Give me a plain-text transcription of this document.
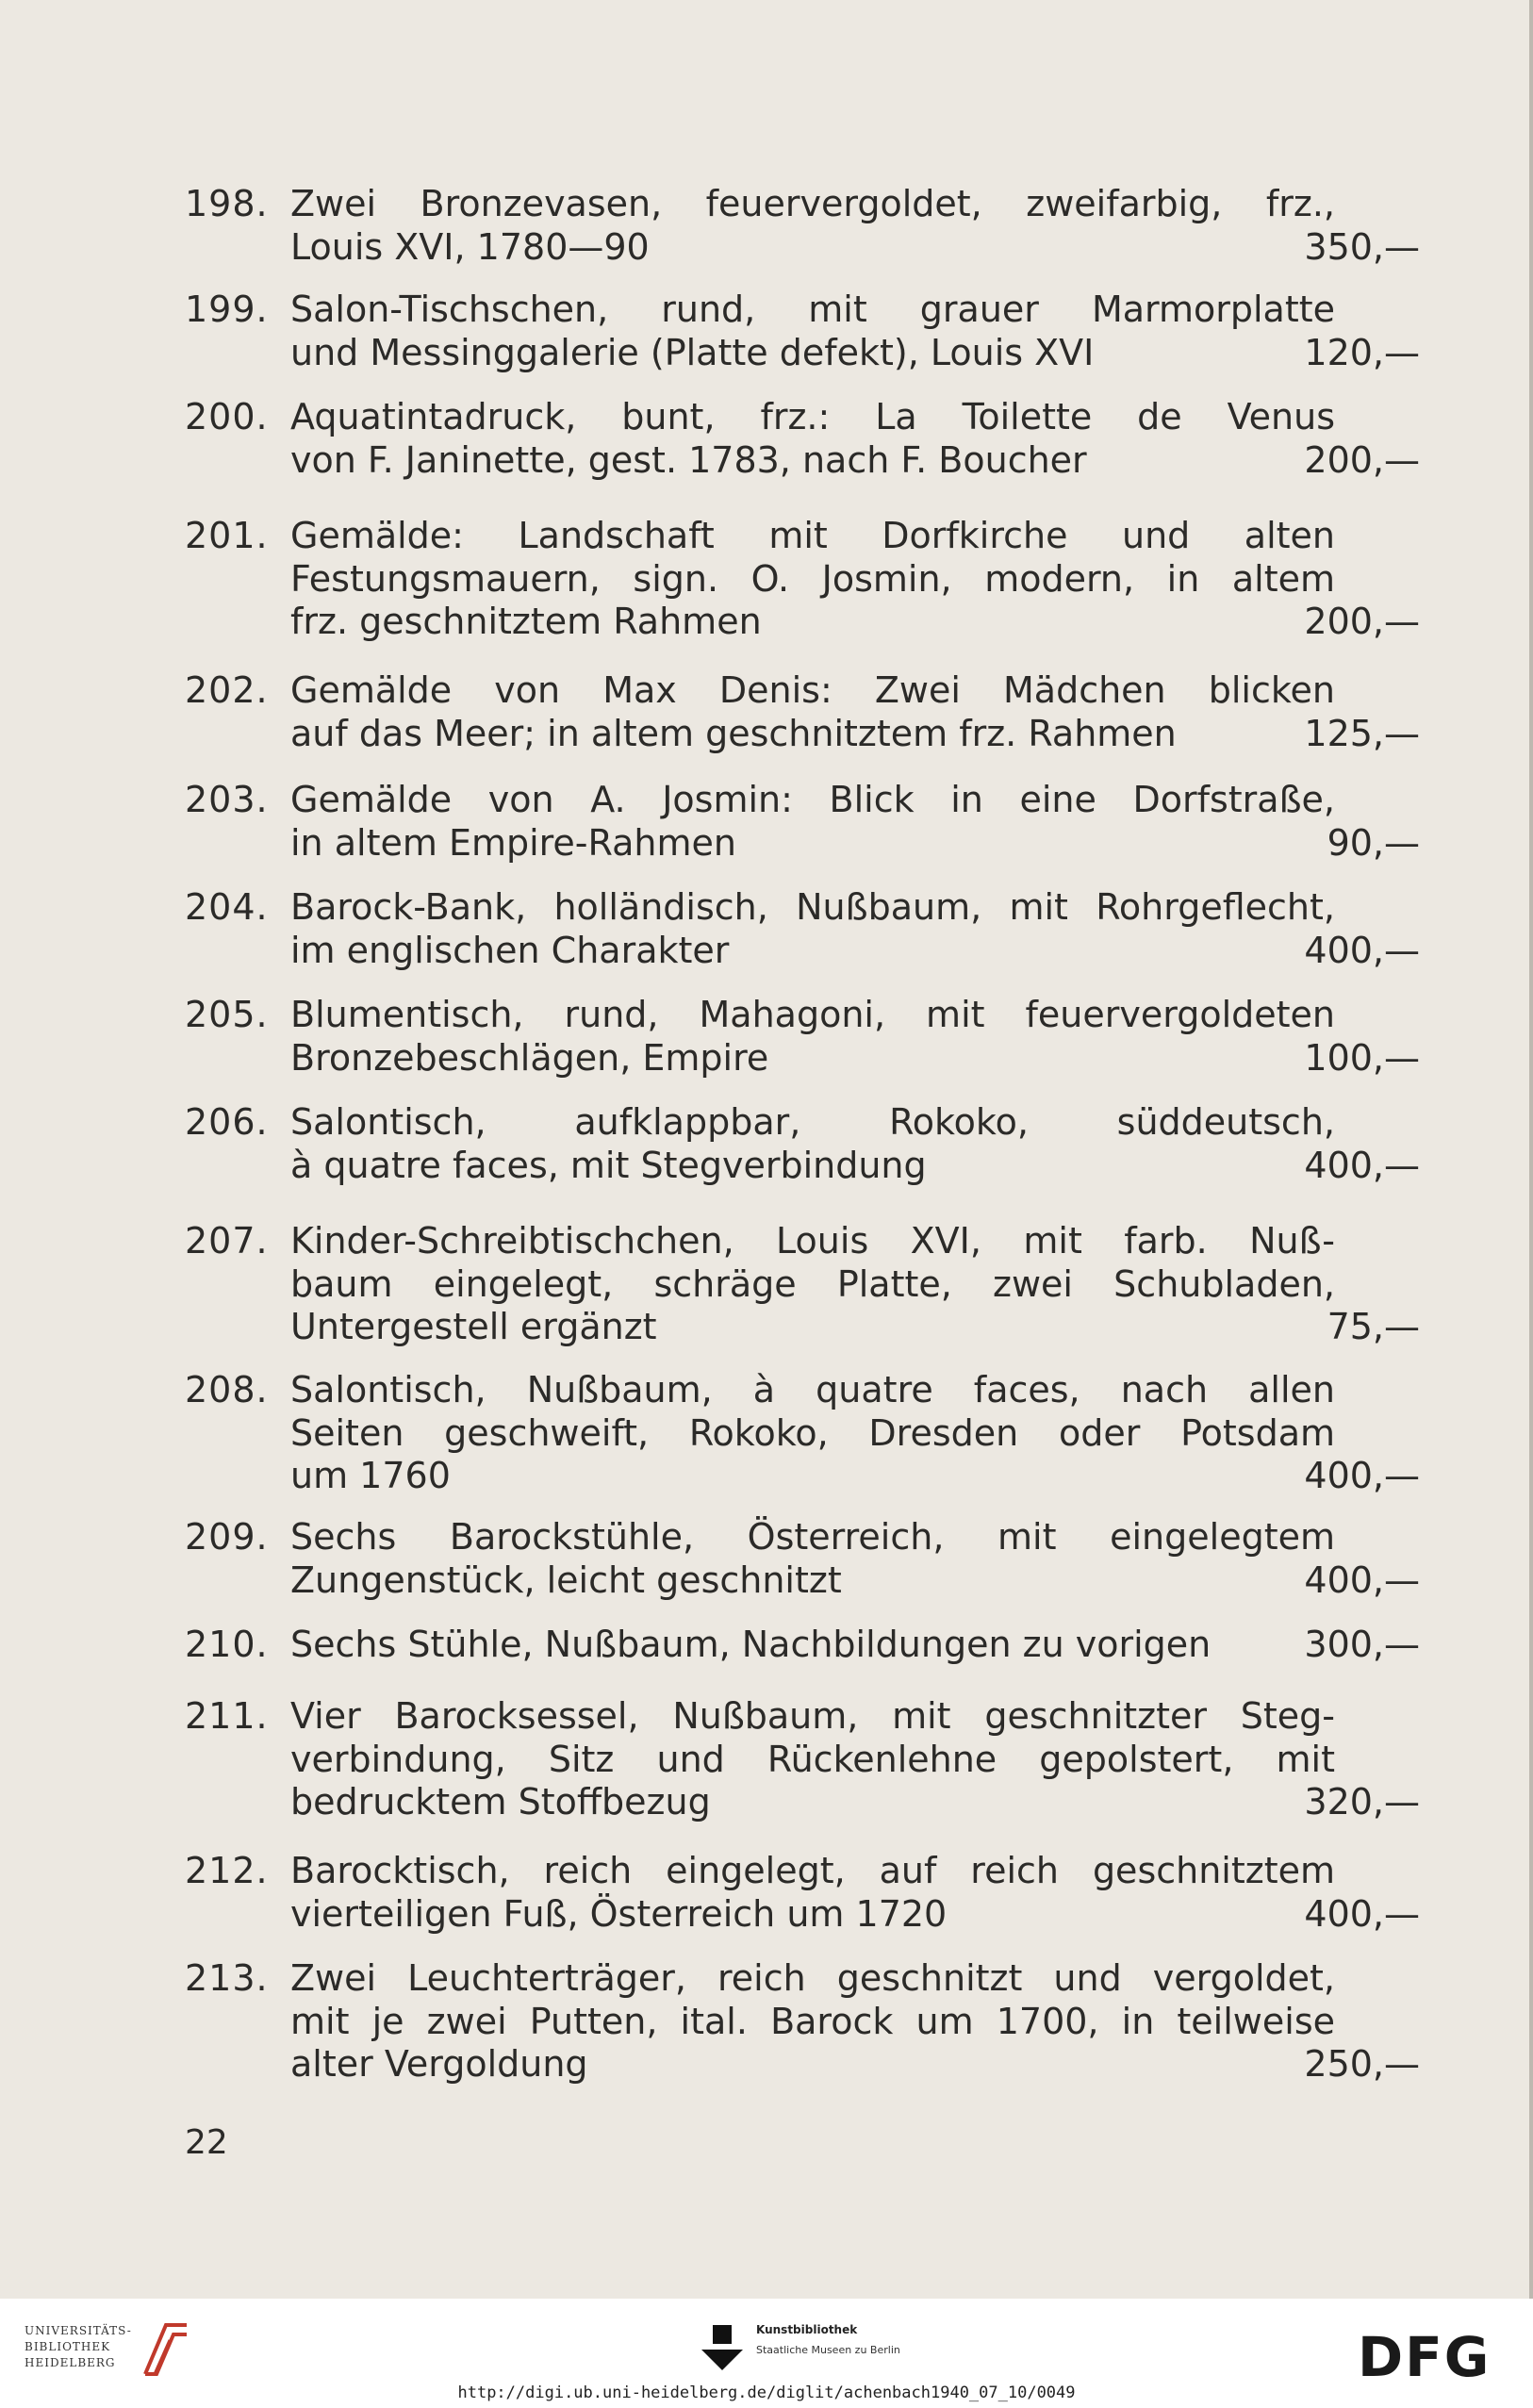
198. Zwei Bronzevasen, feuervergoldet, zweifarbig, frz.,
Louis XVI, 1780—90	350,—
199. Salon-Tischschen, rund, mit grauer Marmorplatte
und Messinggalerie (Platte defekt), Louis XVI	120,—
200. Aquatintadruck, bunt, frz.: La Toilette de Venus
von F. Janinette, gest. 1783, nach F. Boucher	200,—
201. Gemälde: Landschaft mit Dorfkirche und alten
Festungsmauern, sign. O. Josmin, modern, in altem
frz. geschnitztem Rahmen	200,—
202. Gemälde von Max Denis: Zwei Mädchen blicken
auf das Meer; in altem geschnitztem frz. Rahmen	125,—
203. Gemälde von A. Josmin: Blick in eine Dorfstraße,
in altem Empire-Rahmen	90,—
204. Barock-Bank, holländisch, Nußbaum, mit Rohrgeflecht,
im englischen Charakter	400,—
205. Blumentisch, rund, Mahagoni, mit feuervergoldeten
Bronzebeschlägen, Empire	100,—
206. Salontisch, aufklappbar, Rokoko, süddeutsch,
à quatre faces, mit Stegverbindung	400,—
207. Kinder-Schreibtischchen, Louis XVI, mit farb. Nuß-
baum eingelegt, schräge Platte, zwei Schubladen,
Untergestell ergänzt	75,—
208. Salontisch, Nußbaum, à quatre faces, nach allen
Seiten geschweift, Rokoko, Dresden oder Potsdam
um 1760	400,—
209. Sechs Barockstühle, Österreich, mit eingelegtem
Zungenstück, leicht geschnitzt	400,—
210. Sechs Stühle, Nußbaum, Nachbildungen zu vorigen	300,—
211. Vier Barocksessel, Nußbaum, mit geschnitzter Steg-
verbindung, Sitz und Rückenlehne gepolstert, mit
bedrucktem Stoffbezug	320,—
212. Barocktisch, reich eingelegt, auf reich geschnitztem
vierteiligen Fuß, Österreich um 1720	400,—
213. Zwei Leuchterträger, reich geschnitzt und vergoldet,
mit je zwei Putten, ital. Barock um 1700, in teilweise
alter Vergoldung	250,—
22
UNIVERSITÄTS-
BIBLIOTHEK
HEIDELBERG
Kunstbibliothek
Staatliche Museen zu Berlin	DFG
http://digi.ub.uni-heidelberg.de/diglit/achenbach1940_07_10/0049
